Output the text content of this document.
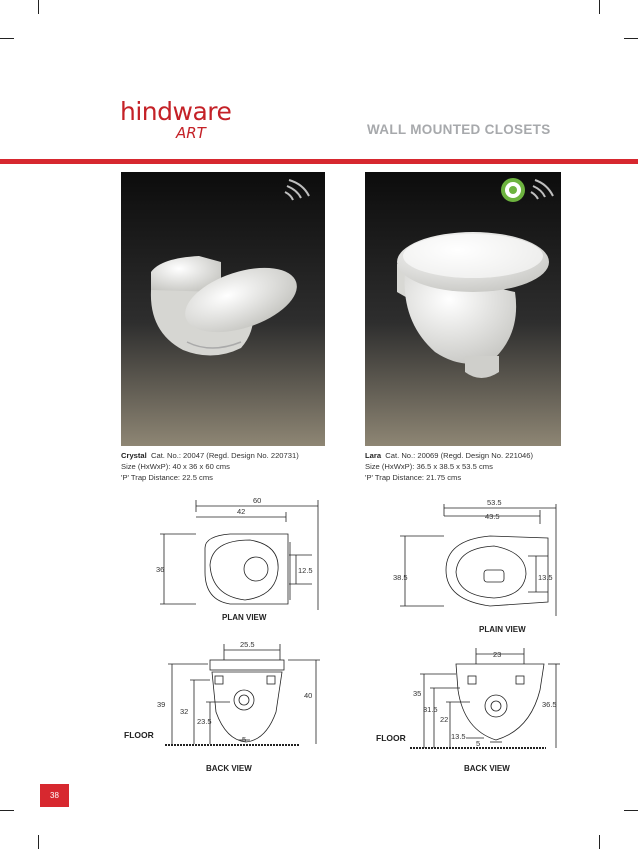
hindware
ART	WALL MOUNTED CLOSETS
Crystal Cat. No.: 20047 (Regd. Design No. 220731)
Size (HxWxP): 40 x 36 x 60 cms
'P' Trap Distance: 22.5 cms
Lara Cat. No.: 20069 (Regd. Design No. 221046)
Size (HxWxP): 36.5 x 38.5 x 53.5 cms
'P' Trap Distance: 21.75 cms
60
42
36	12.5
PLAN VIEW
25.5
39
32
23.5
5
40
FLOOR
BACK VIEW
53.5
43.5
38.5	13.5
PLAIN VIEW
23
35
31.5
22
13.5
5
36.5
FLOOR
BACK VIEW
38
